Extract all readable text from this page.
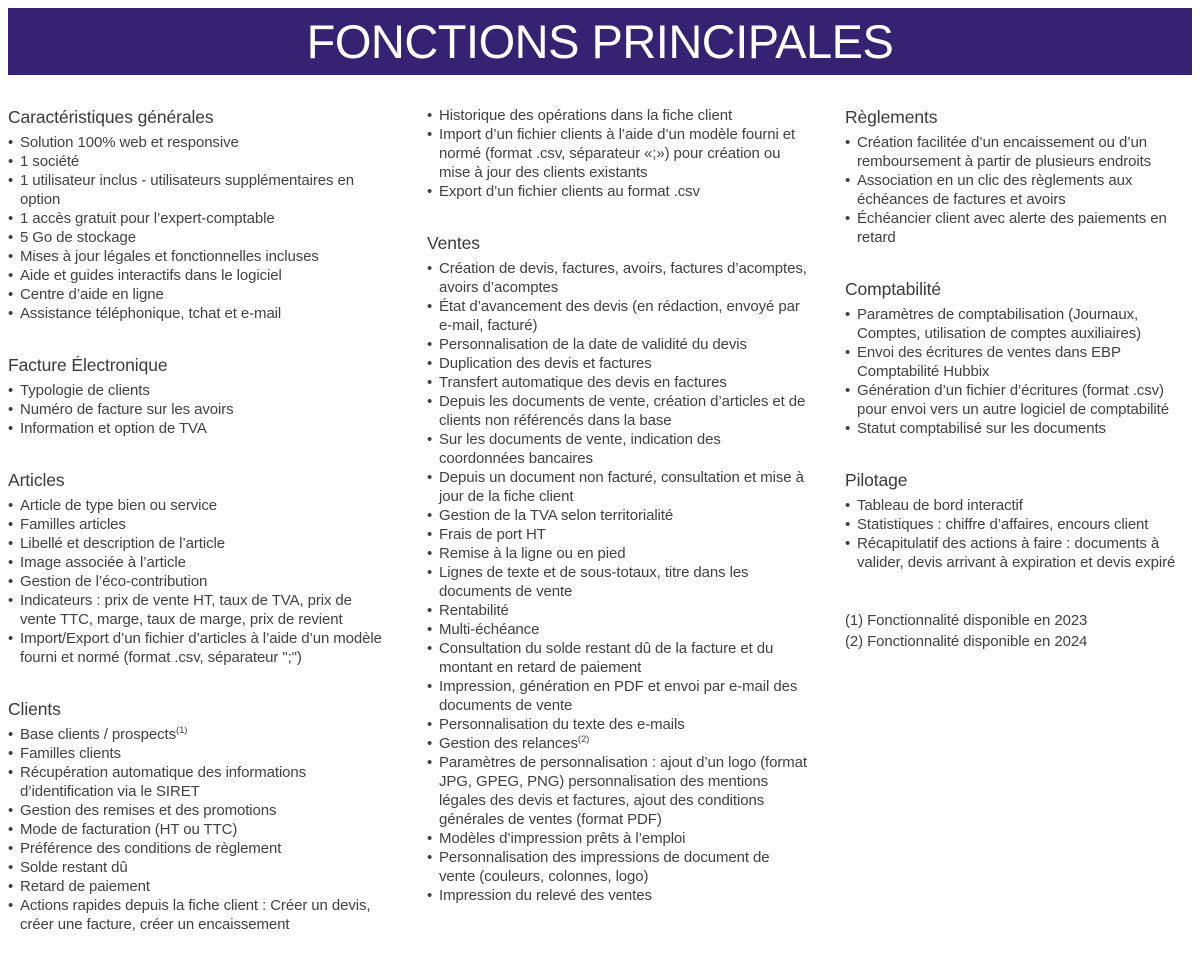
FONCTIONS PRINCIPALES
Caractéristiques générales
• Solution 100% web et responsive
• 1 société
• 1 utilisateur inclus - utilisateurs supplémentaires en option
• 1 accès gratuit pour l’expert-comptable
• 5 Go de stockage
• Mises à jour légales et fonctionnelles incluses
• Aide et guides interactifs dans le logiciel
• Centre d’aide en ligne
• Assistance téléphonique, tchat et e-mail
Facture Électronique
• Typologie de clients
• Numéro de facture sur les avoirs
• Information et option de TVA
Articles
• Article de type bien ou service
• Familles articles
• Libellé et description de l’article
• Image associée à l’article
• Gestion de l’éco-contribution
• Indicateurs : prix de vente HT, taux de TVA, prix de vente TTC, marge, taux de marge, prix de revient
• Import/Export d’un fichier d’articles à l’aide d’un modèle fourni et normé (format .csv, séparateur ";")
Clients
• Base clients / prospects$^{(1)}$
• Familles clients
• Récupération automatique des informations d’identification via le SIRET
• Gestion des remises et des promotions
• Mode de facturation (HT ou TTC)
• Préférence des conditions de règlement
• Solde restant dû
• Retard de paiement
• Actions rapides depuis la fiche client : Créer un devis, créer une facture, créer un encaissement
• Historique des opérations dans la fiche client
• Import d’un fichier clients à l’aide d’un modèle fourni et normé (format .csv, séparateur «;») pour création ou mise à jour des clients existants
• Export d’un fichier clients au format .csv
Ventes
• Création de devis, factures, avoirs, factures d’acomptes, avoirs d’acomptes
• État d’avancement des devis (en rédaction, envoyé par e-mail, facturé)
• Personnalisation de la date de validité du devis
• Duplication des devis et factures
• Transfert automatique des devis en factures
• Depuis les documents de vente, création d’articles et de clients non référencés dans la base
• Sur les documents de vente, indication des coordonnées bancaires
• Depuis un document non facturé, consultation et mise à jour de la fiche client
• Gestion de la TVA selon territorialité
• Frais de port HT
• Remise à la ligne ou en pied
• Lignes de texte et de sous-totaux, titre dans les documents de vente
• Rentabilité
• Multi-échéance
• Consultation du solde restant dû de la facture et du montant en retard de paiement
• Impression, génération en PDF et envoi par e-mail des documents de vente
• Personnalisation du texte des e-mails
• Gestion des relances$^{(2)}$
• Paramètres de personnalisation : ajout d’un logo (format JPG, GPEG, PNG) personnalisation des mentions légales des devis et factures, ajout des conditions générales de ventes (format PDF)
• Modèles d’impression prêts à l’emploi
• Personnalisation des impressions de document de vente (couleurs, colonnes, logo)
• Impression du relevé des ventes
Règlements
• Création facilitée d’un encaissement ou d’un remboursement à partir de plusieurs endroits
• Association en un clic des règlements aux échéances de factures et avoirs
• Échéancier client avec alerte des paiements en retard
Comptabilité
• Paramètres de comptabilisation (Journaux, Comptes, utilisation de comptes auxiliaires)
• Envoi des écritures de ventes dans EBP Comptabilité Hubbix
• Génération d’un fichier d’écritures (format .csv) pour envoi vers un autre logiciel de comptabilité
• Statut comptabilisé sur les documents
Pilotage
• Tableau de bord interactif
• Statistiques : chiffre d’affaires, encours client
• Récapitulatif des actions à faire : documents à valider, devis arrivant à expiration et devis expiré

(1) Fonctionnalité disponible en 2023

(2) Fonctionnalité disponible en 2024
